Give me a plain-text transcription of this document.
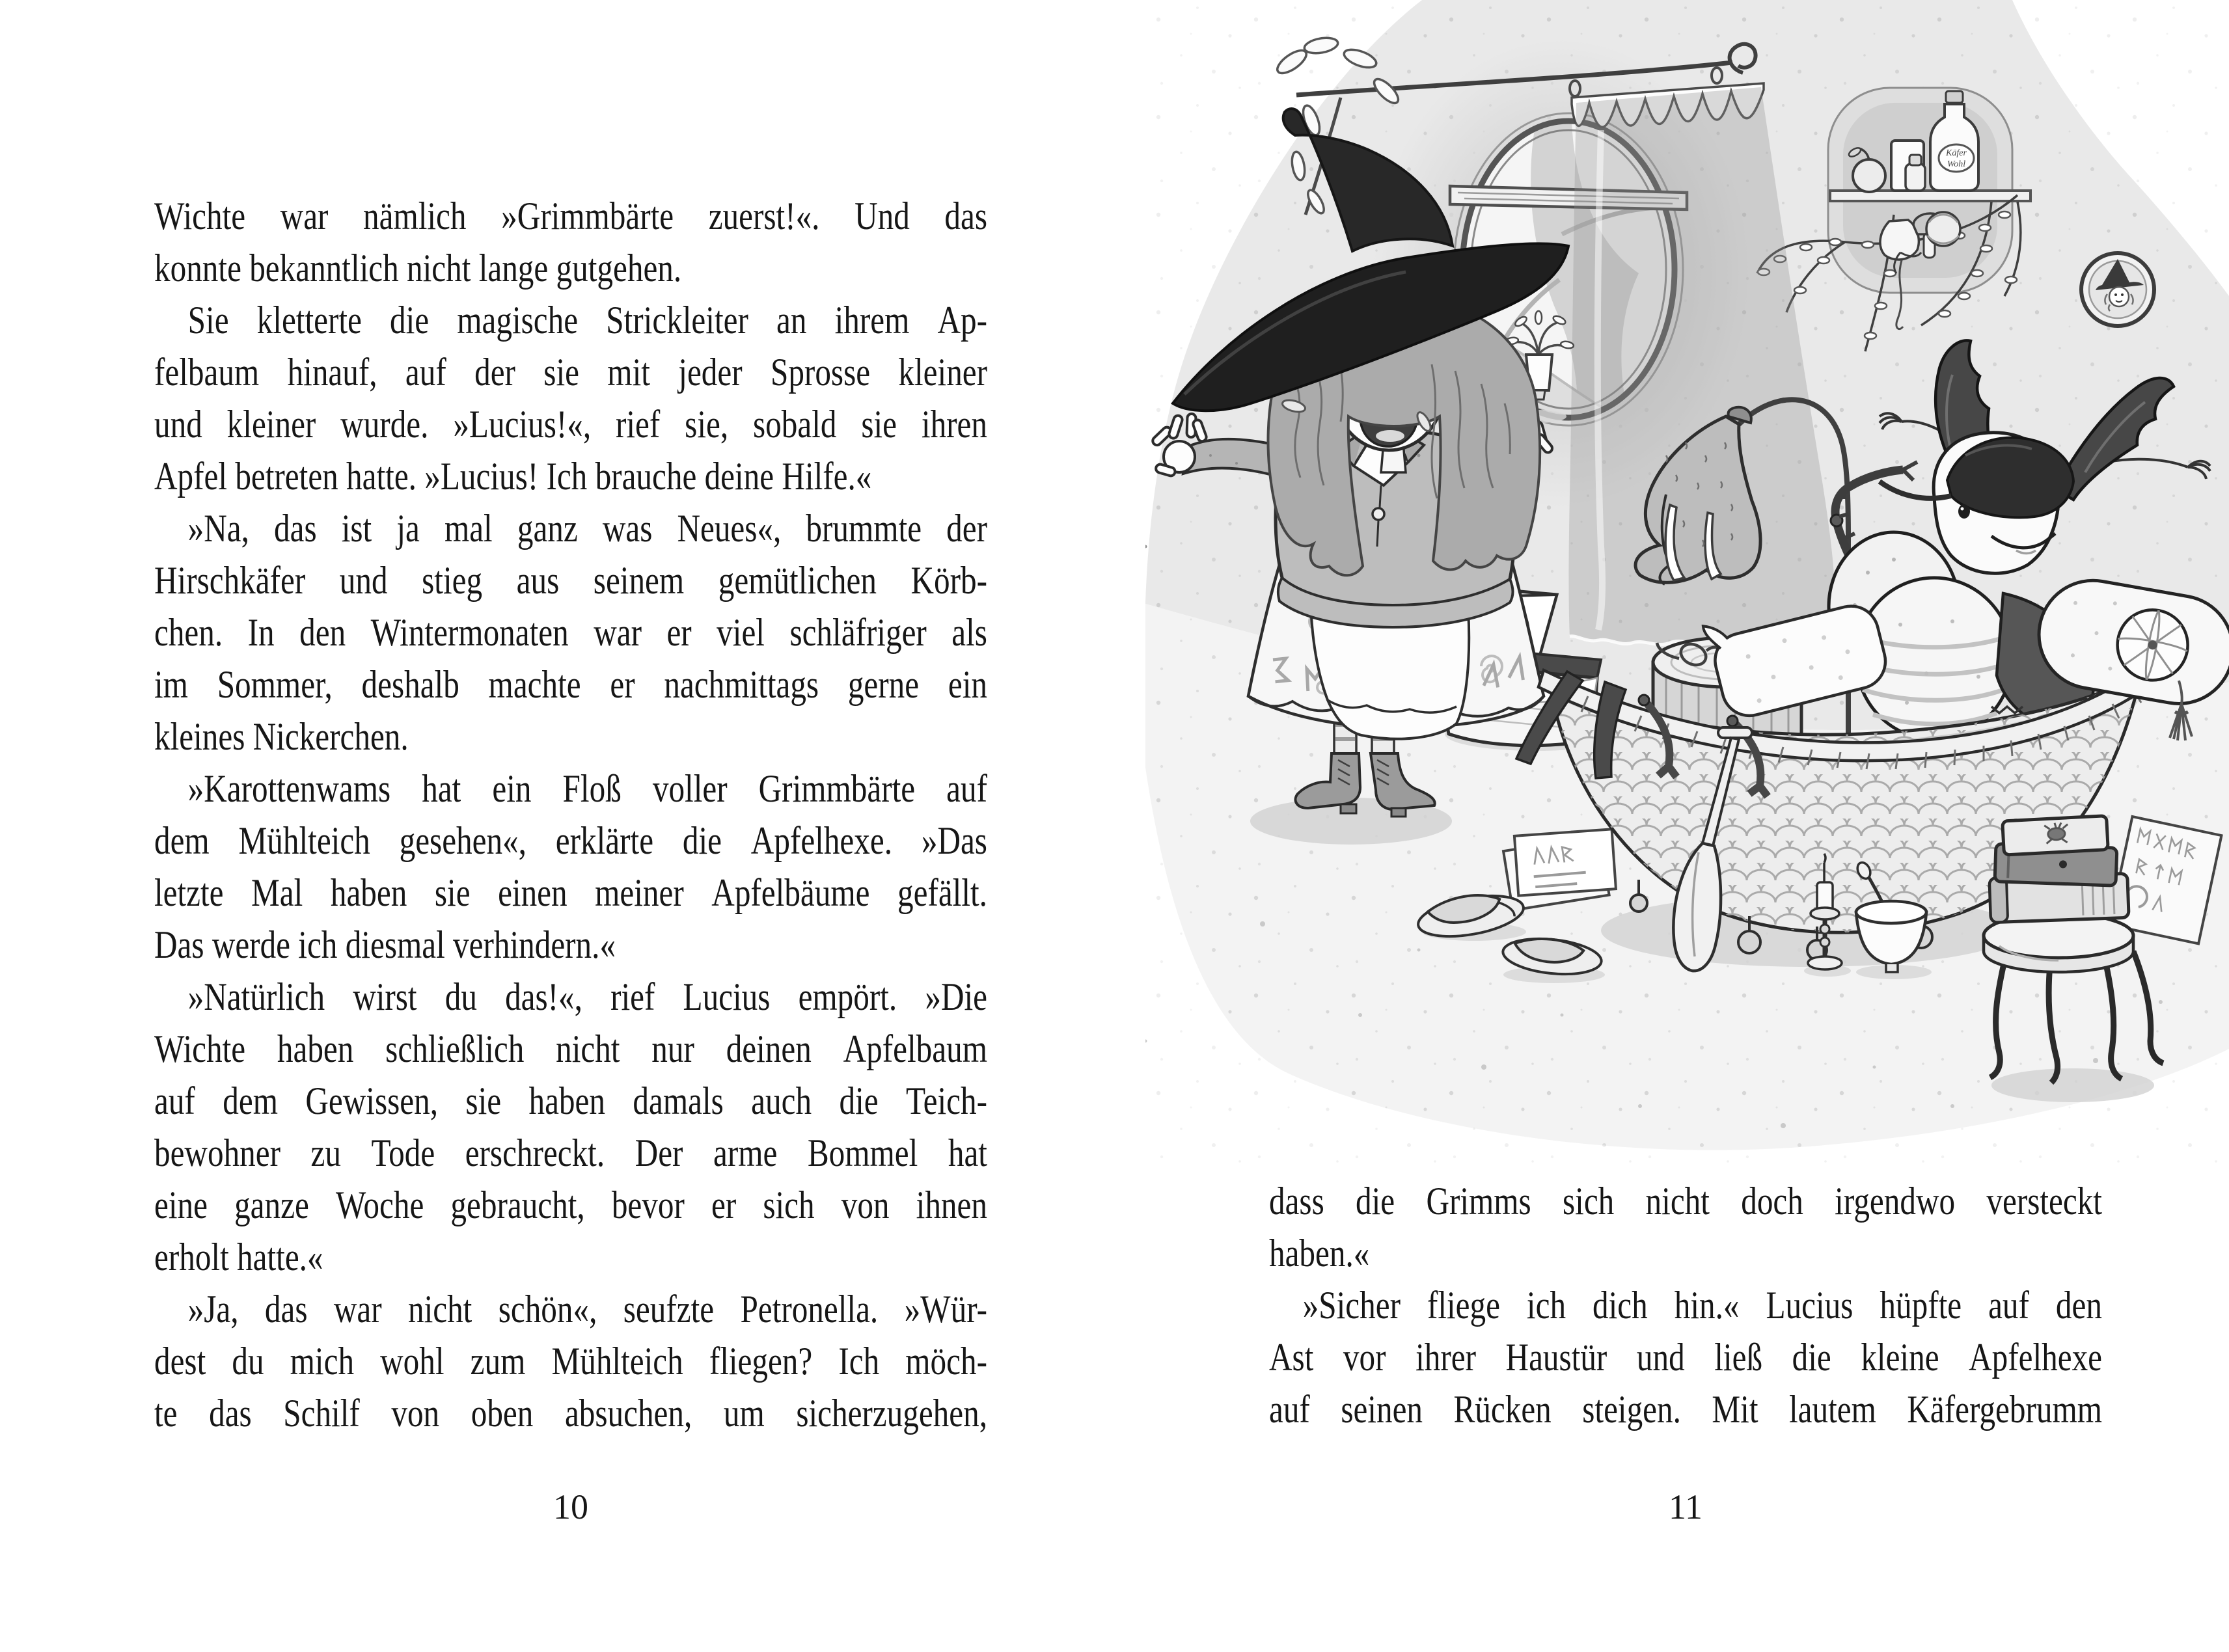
Wichte war nämlich »Grimmbärte zuerst!«. Und das
konnte bekanntlich nicht lange gutgehen.
Sie kletterte die magische Strickleiter an ihrem Ap-
felbaum hinauf, auf der sie mit jeder Sprosse kleiner
und kleiner wurde. »Lucius!«, rief sie, sobald sie ihren
Apfel betreten hatte. »Lucius! Ich brauche deine Hilfe.«
»Na, das ist ja mal ganz was Neues«, brummte der
Hirschkäfer und stieg aus seinem gemütlichen Körb-
chen. In den Wintermonaten war er viel schläfriger als
im Sommer, deshalb machte er nachmittags gerne ein
kleines Nickerchen.
»Karottenwams hat ein Floß voller Grimmbärte auf
dem Mühlteich gesehen«, erklärte die Apfelhexe. »Das
letzte Mal haben sie einen meiner Apfelbäume gefällt.
Das werde ich diesmal verhindern.«
»Natürlich wirst du das!«, rief Lucius empört. »Die
Wichte haben schließlich nicht nur deinen Apfelbaum
auf dem Gewissen, sie haben damals auch die Teich-
bewohner zu Tode erschreckt. Der arme Bommel hat
eine ganze Woche gebraucht, bevor er sich von ihnen
erholt hatte.«
»Ja, das war nicht schön«, seufzte Petronella. »Wür-
dest du mich wohl zum Mühlteich fliegen? Ich möch-
te das Schilf von oben absuchen, um sicherzugehen,
10
dass die Grimms sich nicht doch irgendwo versteckt
haben.«
»Sicher fliege ich dich hin.« Lucius hüpfte auf den
Ast vor ihrer Haustür und ließ die kleine Apfelhexe
auf seinen Rücken steigen. Mit lautem Käfergebrumm
11
Käfer
Wohl
